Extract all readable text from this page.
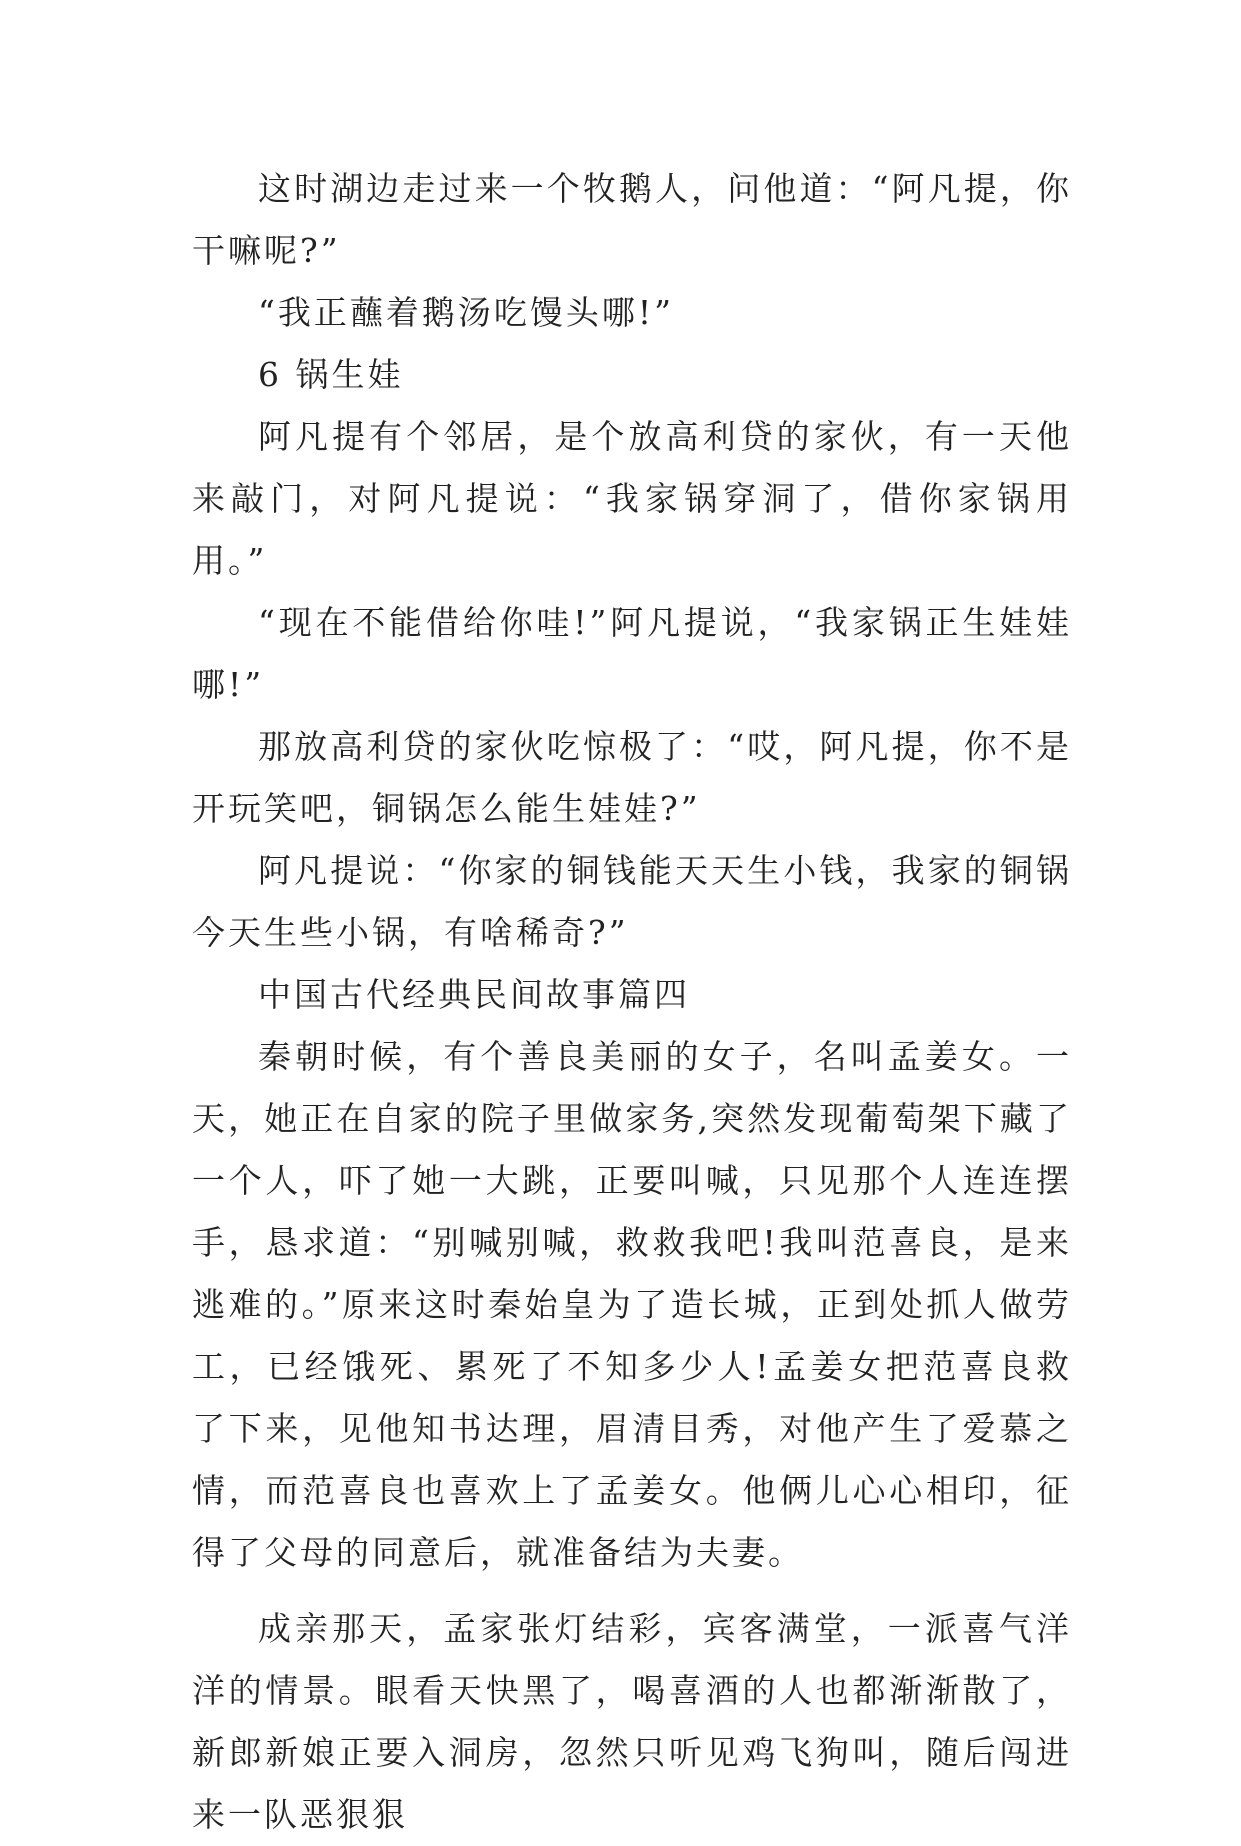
这时湖边走过来一个牧鹅人，问他道：“阿凡提，你干嘛呢?”

“我正蘸着鹅汤吃馒头哪!”

6 锅生娃

阿凡提有个邻居，是个放高利贷的家伙，有一天他来敲门，对阿凡提说：“我家锅穿洞了，借你家锅用用。”

“现在不能借给你哇!”阿凡提说，“我家锅正生娃娃哪!”

那放高利贷的家伙吃惊极了：“哎，阿凡提，你不是开玩笑吧，铜锅怎么能生娃娃?”

阿凡提说：“你家的铜钱能天天生小钱，我家的铜锅今天生些小锅，有啥稀奇?”

中国古代经典民间故事篇四

秦朝时候，有个善良美丽的女子，名叫孟姜女。一天，她正在自家的院子里做家务,突然发现葡萄架下藏了一个人，吓了她一大跳，正要叫喊，只见那个人连连摆手，恳求道：“别喊别喊，救救我吧!我叫范喜良，是来逃难的。”原来这时秦始皇为了造长城，正到处抓人做劳工，已经饿死、累死了不知多少人!孟姜女把范喜良救了下来，见他知书达理，眉清目秀，对他产生了爱慕之情，而范喜良也喜欢上了孟姜女。他俩儿心心相印，征得了父母的同意后，就准备结为夫妻。

成亲那天，孟家张灯结彩，宾客满堂，一派喜气洋洋的情景。眼看天快黑了，喝喜酒的人也都渐渐散了，新郎新娘正要入洞房，忽然只听见鸡飞狗叫，随后闯进来一队恶狠狠
